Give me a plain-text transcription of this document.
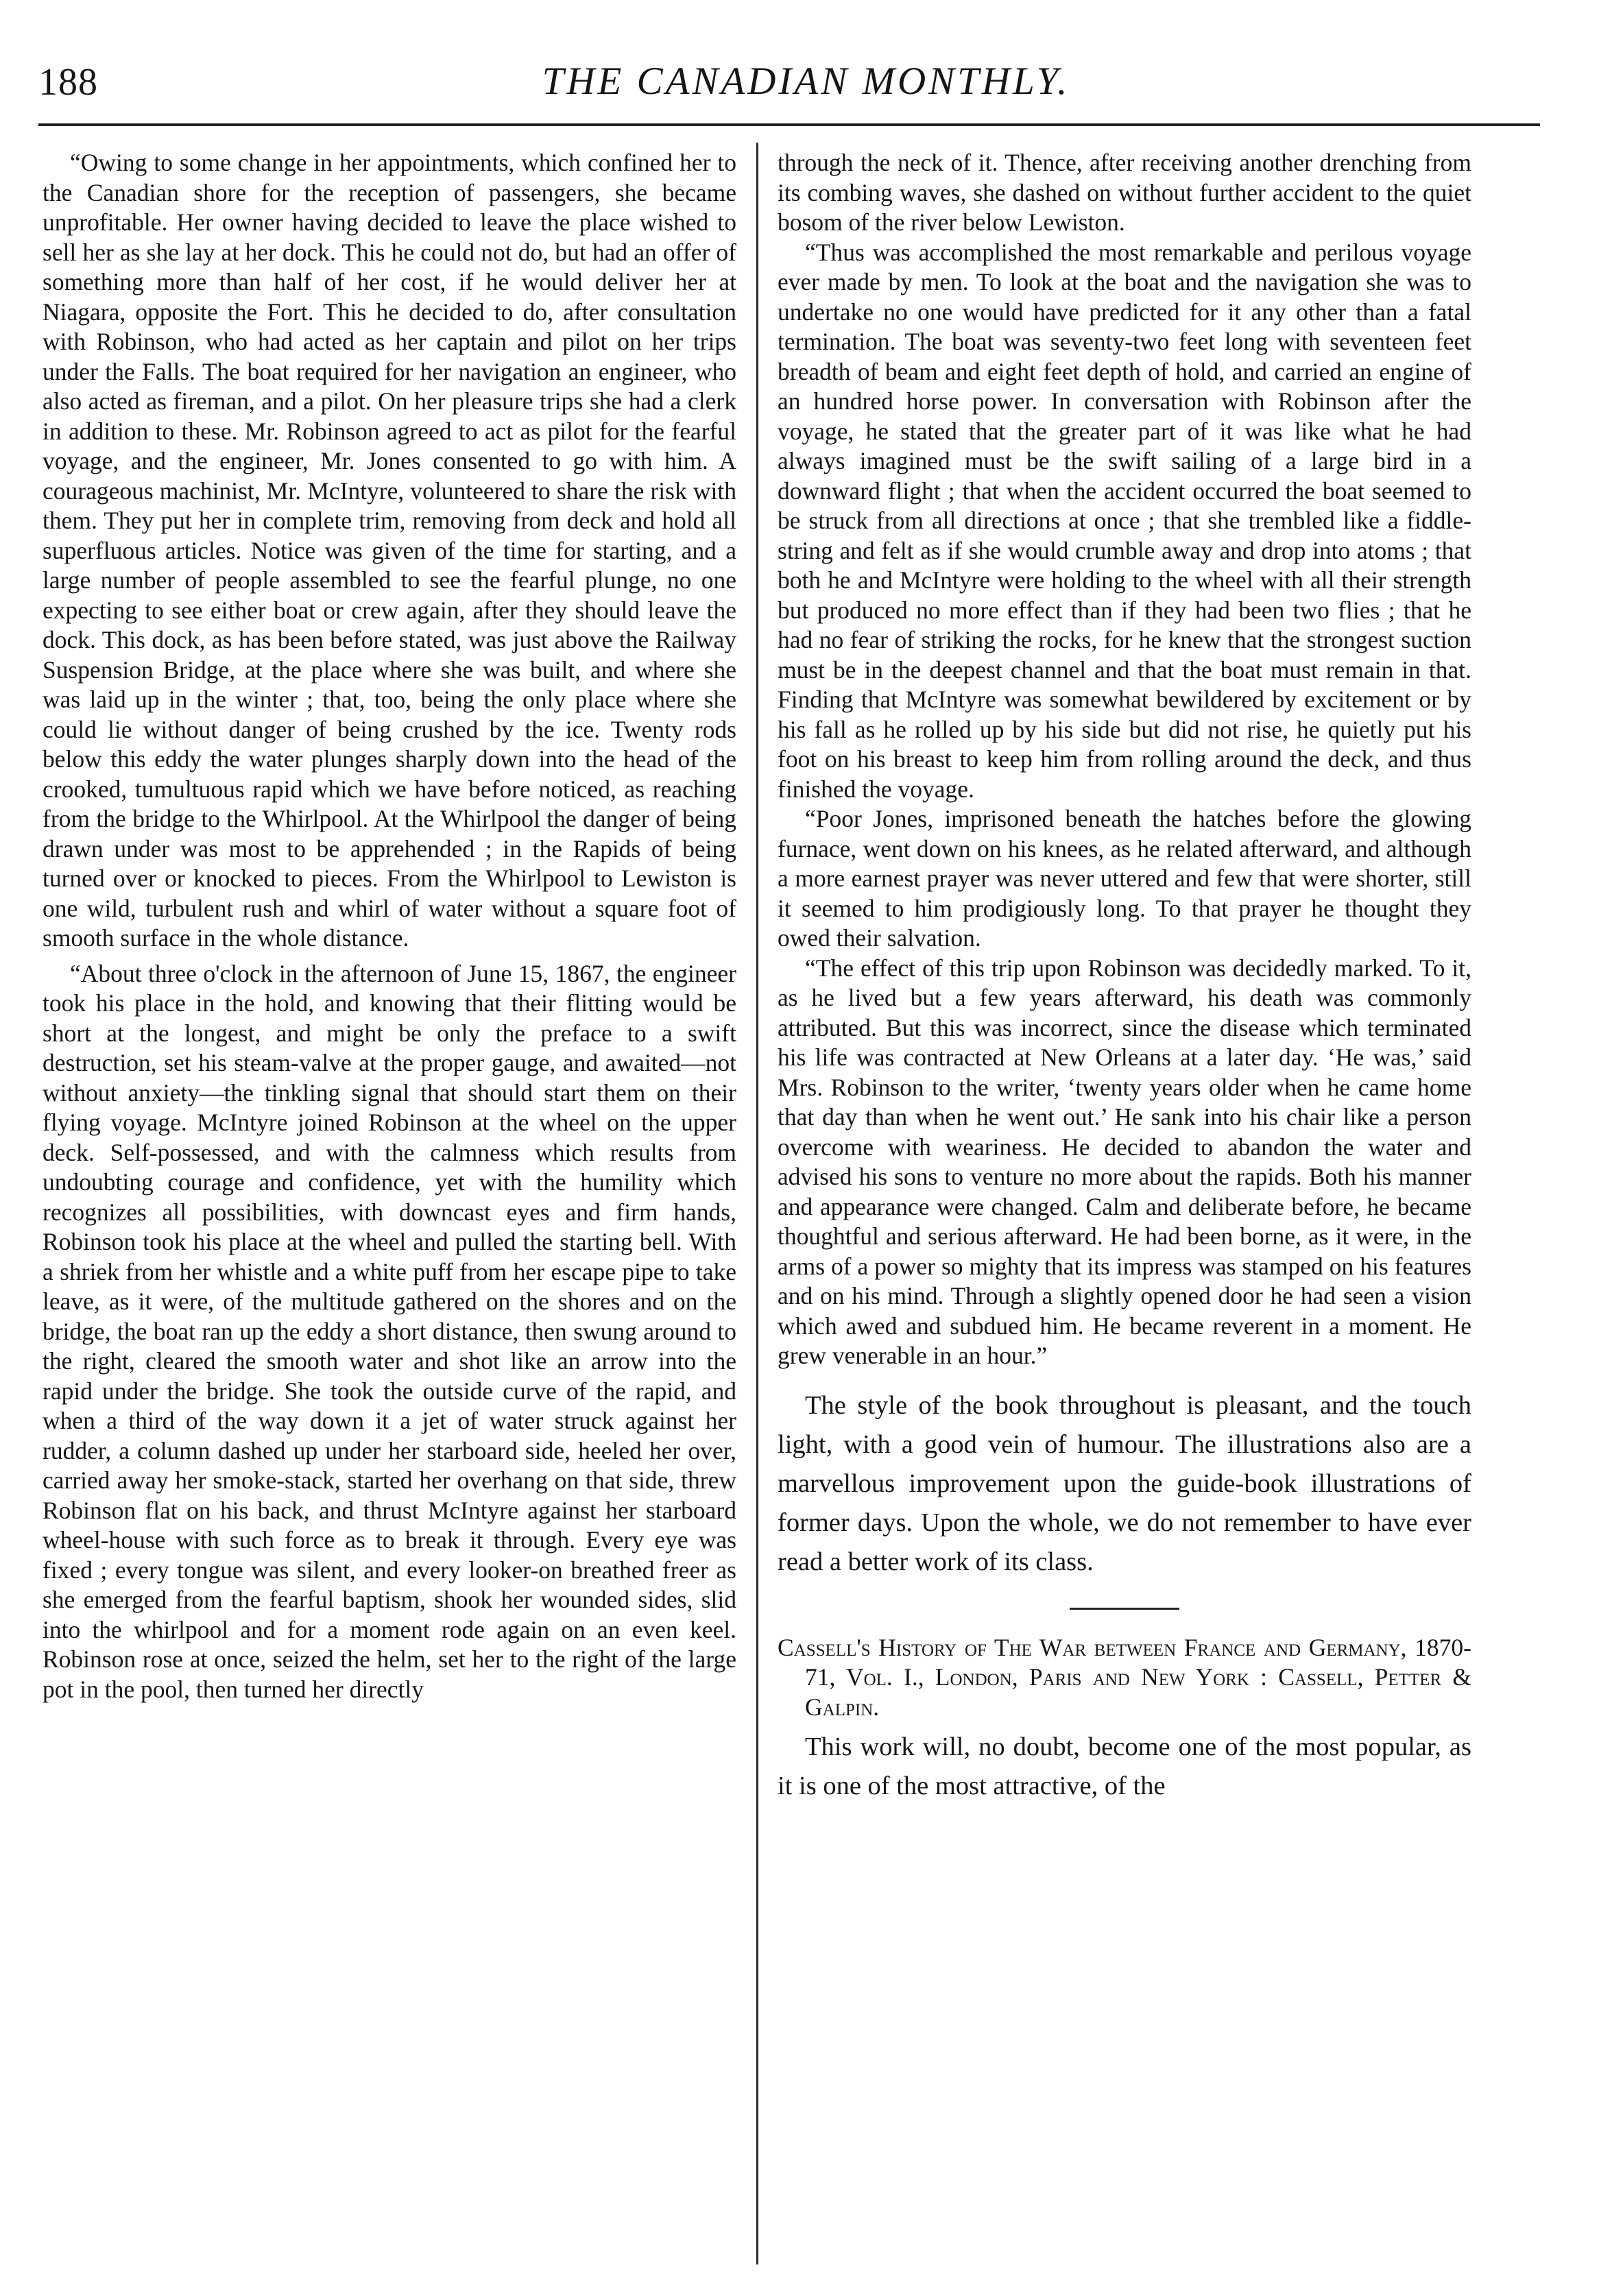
188	THE CANADIAN MONTHLY.

“Owing to some change in her appointments, which confined her to the Canadian shore for the reception of passengers, she became unprofitable. Her owner having decided to leave the place wished to sell her as she lay at her dock. This he could not do, but had an offer of something more than half of her cost, if he would deliver her at Niagara, opposite the Fort. This he decided to do, after consultation with Robinson, who had acted as her captain and pilot on her trips under the Falls. The boat required for her navigation an engineer, who also acted as fireman, and a pilot. On her pleasure trips she had a clerk in addition to these. Mr. Robinson agreed to act as pilot for the fearful voyage, and the engineer, Mr. Jones consented to go with him. A courageous machinist, Mr. McIntyre, volunteered to share the risk with them. They put her in complete trim, removing from deck and hold all superfluous articles. Notice was given of the time for starting, and a large number of people assembled to see the fearful plunge, no one expecting to see either boat or crew again, after they should leave the dock. This dock, as has been before stated, was just above the Railway Suspension Bridge, at the place where she was built, and where she was laid up in the winter ; that, too, being the only place where she could lie without danger of being crushed by the ice. Twenty rods below this eddy the water plunges sharply down into the head of the crooked, tumultuous rapid which we have before noticed, as reaching from the bridge to the Whirlpool. At the Whirlpool the danger of being drawn under was most to be apprehended ; in the Rapids of being turned over or knocked to pieces. From the Whirlpool to Lewiston is one wild, turbulent rush and whirl of water without a square foot of smooth surface in the whole distance.

“About three o'clock in the afternoon of June 15, 1867, the engineer took his place in the hold, and knowing that their flitting would be short at the longest, and might be only the preface to a swift destruction, set his steam-valve at the proper gauge, and awaited—not without anxiety—the tinkling signal that should start them on their flying voyage. McIntyre joined Robinson at the wheel on the upper deck. Self-possessed, and with the calmness which results from undoubting courage and confidence, yet with the humility which recognizes all possibilities, with downcast eyes and firm hands, Robinson took his place at the wheel and pulled the starting bell. With a shriek from her whistle and a white puff from her escape pipe to take leave, as it were, of the multitude gathered on the shores and on the bridge, the boat ran up the eddy a short distance, then swung around to the right, cleared the smooth water and shot like an arrow into the rapid under the bridge. She took the outside curve of the rapid, and when a third of the way down it a jet of water struck against her rudder, a column dashed up under her starboard side, heeled her over, carried away her smoke-stack, started her overhang on that side, threw Robinson flat on his back, and thrust McIntyre against her starboard wheel-house with such force as to break it through. Every eye was fixed ; every tongue was silent, and every looker-on breathed freer as she emerged from the fearful baptism, shook her wounded sides, slid into the whirlpool and for a moment rode again on an even keel. Robinson rose at once, seized the helm, set her to the right of the large pot in the pool, then turned her directly

through the neck of it. Thence, after receiving another drenching from its combing waves, she dashed on without further accident to the quiet bosom of the river below Lewiston.

“Thus was accomplished the most remarkable and perilous voyage ever made by men. To look at the boat and the navigation she was to undertake no one would have predicted for it any other than a fatal termination. The boat was seventy-two feet long with seventeen feet breadth of beam and eight feet depth of hold, and carried an engine of an hundred horse power. In conversation with Robinson after the voyage, he stated that the greater part of it was like what he had always imagined must be the swift sailing of a large bird in a downward flight ; that when the accident occurred the boat seemed to be struck from all directions at once ; that she trembled like a fiddle-string and felt as if she would crumble away and drop into atoms ; that both he and McIntyre were holding to the wheel with all their strength but produced no more effect than if they had been two flies ; that he had no fear of striking the rocks, for he knew that the strongest suction must be in the deepest channel and that the boat must remain in that. Finding that McIntyre was somewhat bewildered by excitement or by his fall as he rolled up by his side but did not rise, he quietly put his foot on his breast to keep him from rolling around the deck, and thus finished the voyage.

“Poor Jones, imprisoned beneath the hatches before the glowing furnace, went down on his knees, as he related afterward, and although a more earnest prayer was never uttered and few that were shorter, still it seemed to him prodigiously long. To that prayer he thought they owed their salvation.

“The effect of this trip upon Robinson was decidedly marked. To it, as he lived but a few years afterward, his death was commonly attributed. But this was incorrect, since the disease which terminated his life was contracted at New Orleans at a later day. ‘He was,’ said Mrs. Robinson to the writer, ‘twenty years older when he came home that day than when he went out.’ He sank into his chair like a person overcome with weariness. He decided to abandon the water and advised his sons to venture no more about the rapids. Both his manner and appearance were changed. Calm and deliberate before, he became thoughtful and serious afterward. He had been borne, as it were, in the arms of a power so mighty that its impress was stamped on his features and on his mind. Through a slightly opened door he had seen a vision which awed and subdued him. He became reverent in a moment. He grew venerable in an hour.”

The style of the book throughout is pleasant, and the touch light, with a good vein of humour. The illustrations also are a marvellous improvement upon the guide-book illustrations of former days. Upon the whole, we do not remember to have ever read a better work of its class.

Cassell's History of The War between France and Germany, 1870-71, Vol. I., London, Paris and New York : Cassell, Petter & Galpin.

This work will, no doubt, become one of the most popular, as it is one of the most attractive, of the
